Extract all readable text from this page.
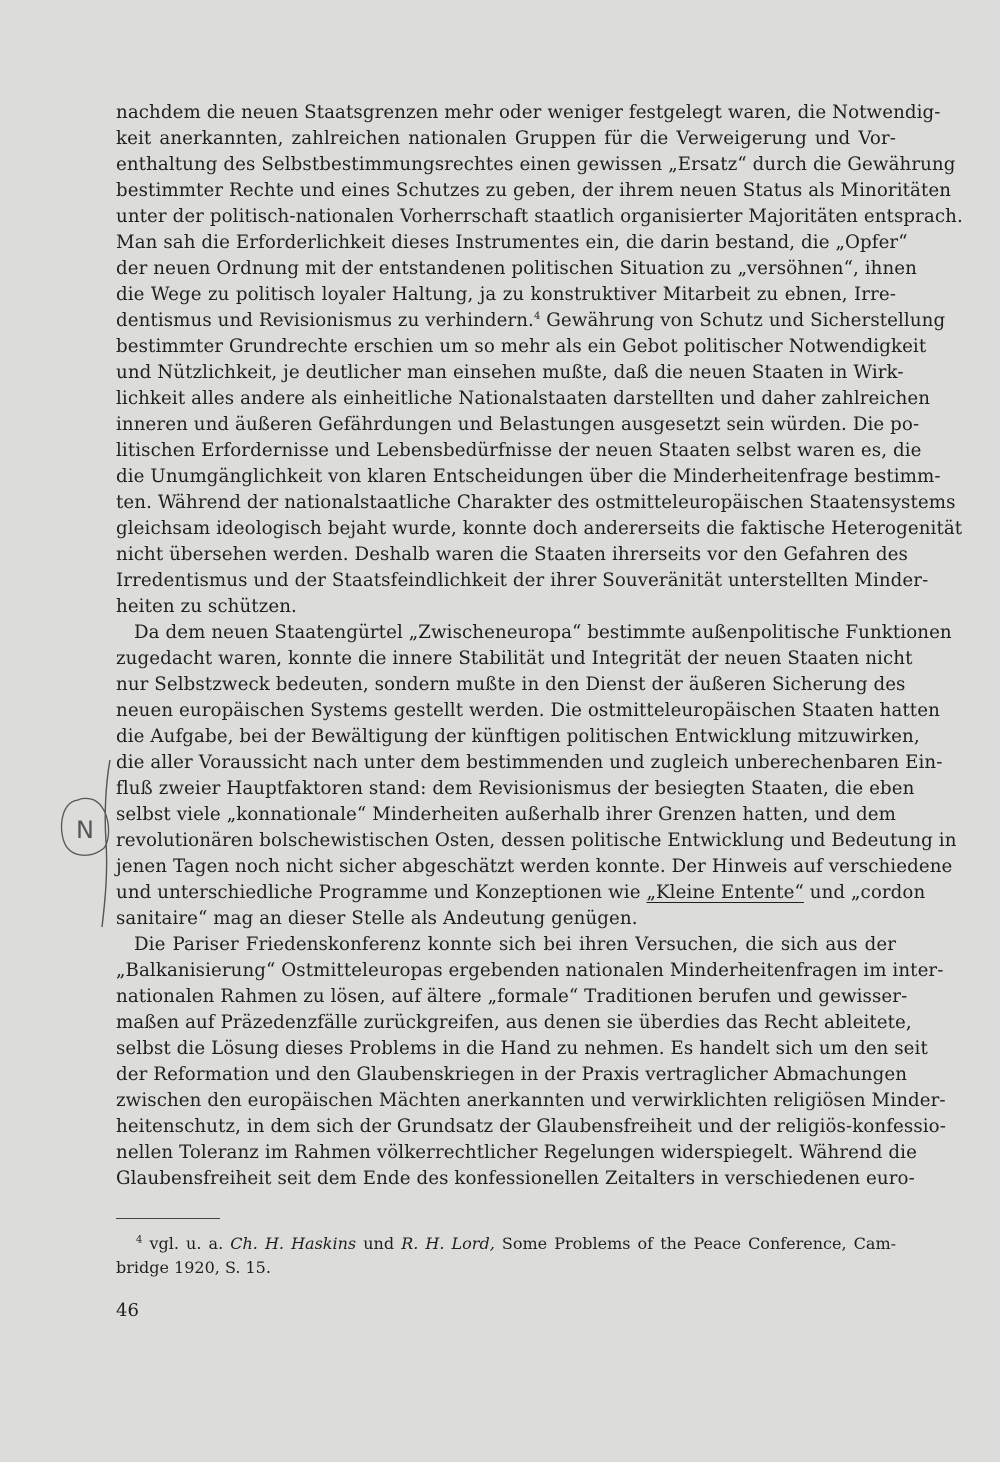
nachdem die neuen Staatsgrenzen mehr oder weniger festgelegt waren, die Notwendig-
keit anerkannten, zahlreichen nationalen Gruppen für die Verweigerung und Vor-
enthaltung des Selbstbestimmungsrechtes einen gewissen „Ersatz“ durch die Gewährung
bestimmter Rechte und eines Schutzes zu geben, der ihrem neuen Status als Minoritäten
unter der politisch-nationalen Vorherrschaft staatlich organisierter Majoritäten entsprach.
Man sah die Erforderlichkeit dieses Instrumentes ein, die darin bestand, die „Opfer“
der neuen Ordnung mit der entstandenen politischen Situation zu „versöhnen“, ihnen
die Wege zu politisch loyaler Haltung, ja zu konstruktiver Mitarbeit zu ebnen, Irre-
dentismus und Revisionismus zu verhindern.$^4$ Gewährung von Schutz und Sicherstellung
bestimmter Grundrechte erschien um so mehr als ein Gebot politischer Notwendigkeit
und Nützlichkeit, je deutlicher man einsehen mußte, daß die neuen Staaten in Wirk-
lichkeit alles andere als einheitliche Nationalstaaten darstellten und daher zahlreichen
inneren und äußeren Gefährdungen und Belastungen ausgesetzt sein würden. Die po-
litischen Erfordernisse und Lebensbedürfnisse der neuen Staaten selbst waren es, die
die Unumgänglichkeit von klaren Entscheidungen über die Minderheitenfrage bestimm-
ten. Während der nationalstaatliche Charakter des ostmitteleuropäischen Staatensystems
gleichsam ideologisch bejaht wurde, konnte doch andererseits die faktische Heterogenität
nicht übersehen werden. Deshalb waren die Staaten ihrerseits vor den Gefahren des
Irredentismus und der Staatsfeindlichkeit der ihrer Souveränität unterstellten Minder-
heiten zu schützen.
Da dem neuen Staatengürtel „Zwischeneuropa“ bestimmte außenpolitische Funktionen
zugedacht waren, konnte die innere Stabilität und Integrität der neuen Staaten nicht
nur Selbstzweck bedeuten, sondern mußte in den Dienst der äußeren Sicherung des
neuen europäischen Systems gestellt werden. Die ostmitteleuropäischen Staaten hatten
die Aufgabe, bei der Bewältigung der künftigen politischen Entwicklung mitzuwirken,
die aller Voraussicht nach unter dem bestimmenden und zugleich unberechenbaren Ein-
fluß zweier Hauptfaktoren stand: dem Revisionismus der besiegten Staaten, die eben
selbst viele „konnationale“ Minderheiten außerhalb ihrer Grenzen hatten, und dem
revolutionären bolschewistischen Osten, dessen politische Entwicklung und Bedeutung in
jenen Tagen noch nicht sicher abgeschätzt werden konnte. Der Hinweis auf verschiedene
und unterschiedliche Programme und Konzeptionen wie „Kleine Entente“ und „cordon
sanitaire“ mag an dieser Stelle als Andeutung genügen.
Die Pariser Friedenskonferenz konnte sich bei ihren Versuchen, die sich aus der
„Balkanisierung“ Ostmitteleuropas ergebenden nationalen Minderheitenfragen im inter-
nationalen Rahmen zu lösen, auf ältere „formale“ Traditionen berufen und gewisser-
maßen auf Präzedenzfälle zurückgreifen, aus denen sie überdies das Recht ableitete,
selbst die Lösung dieses Problems in die Hand zu nehmen. Es handelt sich um den seit
der Reformation und den Glaubenskriegen in der Praxis vertraglicher Abmachungen
zwischen den europäischen Mächten anerkannten und verwirklichten religiösen Minder-
heitenschutz, in dem sich der Grundsatz der Glaubensfreiheit und der religiös-konfessio-
nellen Toleranz im Rahmen völkerrechtlicher Regelungen widerspiegelt. Während die
Glaubensfreiheit seit dem Ende des konfessionellen Zeitalters in verschiedenen euro-
N
$^4$ vgl. u. a. Ch. H. Haskins und R. H. Lord, Some Problems of the Peace Conference, Cam-
bridge 1920, S. 15.
46
